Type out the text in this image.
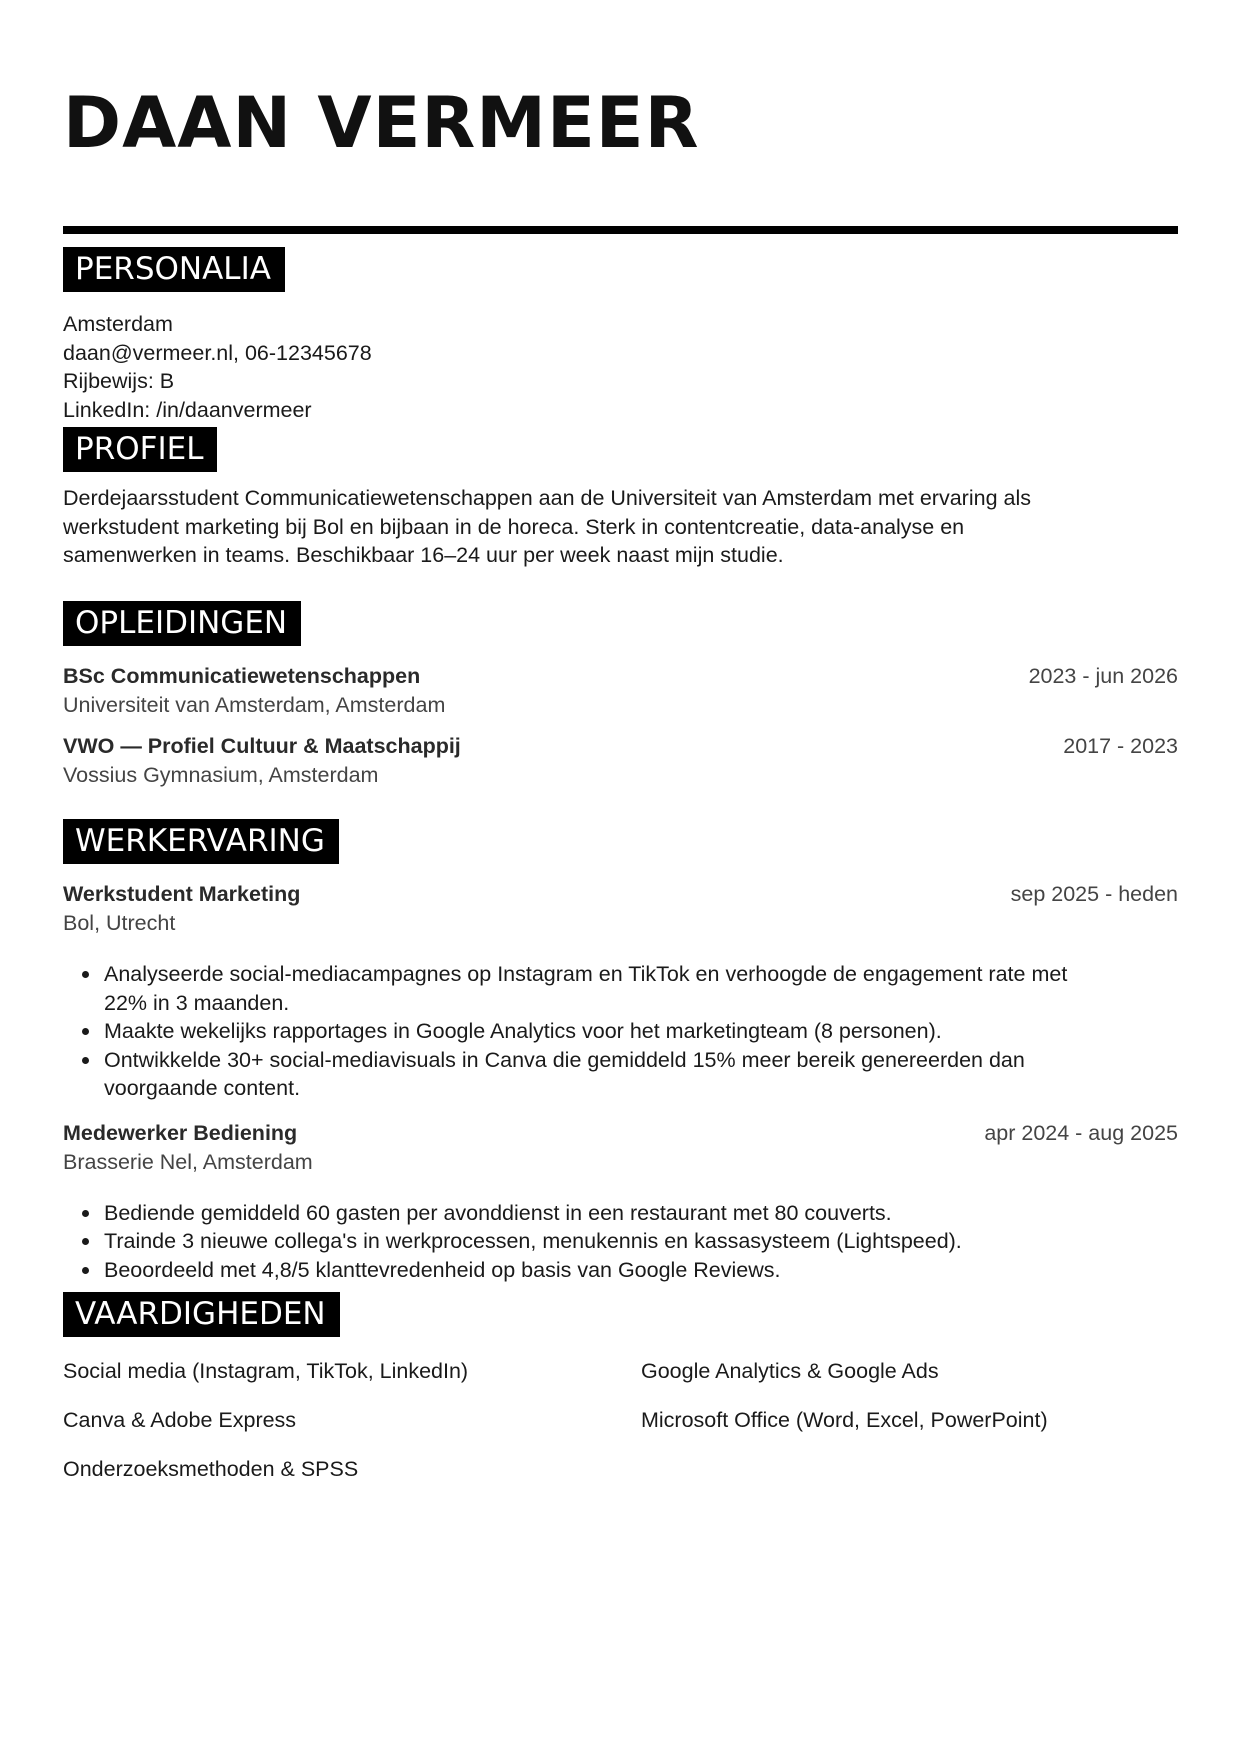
DAAN VERMEER
PERSONALIA
Amsterdam
daan@vermeer.nl, 06-12345678
Rijbewijs: B
LinkedIn: /in/daanvermeer
PROFIEL
Derdejaarsstudent Communicatiewetenschappen aan de Universiteit van Amsterdam met ervaring als
werkstudent marketing bij Bol en bijbaan in de horeca. Sterk in contentcreatie, data-analyse en
samenwerken in teams. Beschikbaar 16–24 uur per week naast mijn studie.
OPLEIDINGEN
BSc Communicatiewetenschappen	2023 - jun 2026
Universiteit van Amsterdam, Amsterdam
VWO — Profiel Cultuur & Maatschappij	2017 - 2023
Vossius Gymnasium, Amsterdam
WERKERVARING
Werkstudent Marketing	sep 2025 - heden
Bol, Utrecht
Analyseerde social-mediacampagnes op Instagram en TikTok en verhoogde de engagement rate met
22% in 3 maanden.
Maakte wekelijks rapportages in Google Analytics voor het marketingteam (8 personen).
Ontwikkelde 30+ social-mediavisuals in Canva die gemiddeld 15% meer bereik genereerden dan
voorgaande content.
Medewerker Bediening	apr 2024 - aug 2025
Brasserie Nel, Amsterdam
Bediende gemiddeld 60 gasten per avonddienst in een restaurant met 80 couverts.
Trainde 3 nieuwe collega's in werkprocessen, menukennis en kassasysteem (Lightspeed).
Beoordeeld met 4,8/5 klanttevredenheid op basis van Google Reviews.
VAARDIGHEDEN
Social media (Instagram, TikTok, LinkedIn)	Google Analytics & Google Ads
Canva & Adobe Express	Microsoft Office (Word, Excel, PowerPoint)
Onderzoeksmethoden & SPSS
